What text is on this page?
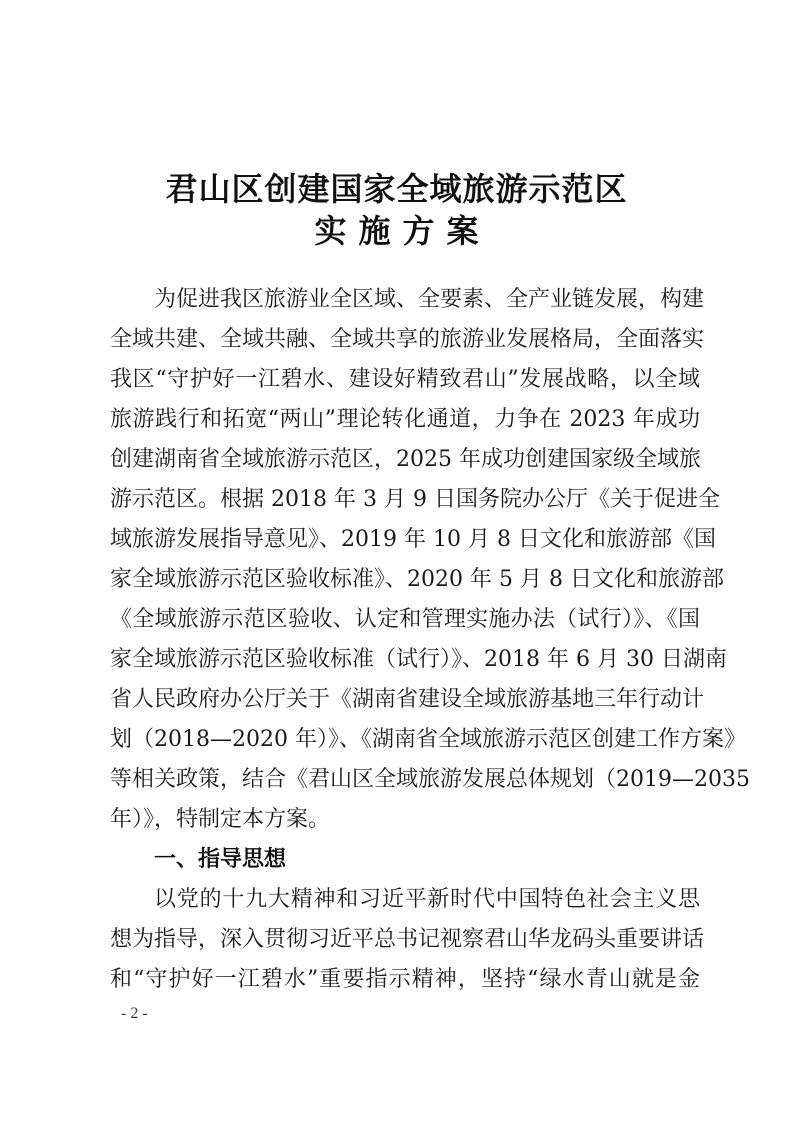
君山区创建国家全域旅游示范区
实施方案
为促进我区旅游业全区域、全要素、全产业链发展，构建
全域共建、全域共融、全域共享的旅游业发展格局，全面落实
我区“守护好一江碧水、建设好精致君山”发展战略，以全域
旅游践行和拓宽“两山”理论转化通道，力争在 2023 年成功
创建湖南省全域旅游示范区，2025 年成功创建国家级全域旅
游示范区。根据 2018 年 3 月 9 日国务院办公厅《关于促进全
域旅游发展指导意见》、2019 年 10 月 8 日文化和旅游部《国
家全域旅游示范区验收标准》、2020 年 5 月 8 日文化和旅游部
《全域旅游示范区验收、认定和管理实施办法（试行）》、《国
家全域旅游示范区验收标准（试行）》、2018 年 6 月 30 日湖南
省人民政府办公厅关于《湖南省建设全域旅游基地三年行动计
划（2018—2020 年）》、《湖南省全域旅游示范区创建工作方案》
等相关政策，结合《君山区全域旅游发展总体规划（2019—2035
年）》，特制定本方案。
一、指导思想
以党的十九大精神和习近平新时代中国特色社会主义思
想为指导，深入贯彻习近平总书记视察君山华龙码头重要讲话
和“守护好一江碧水”重要指示精神，坚持“绿水青山就是金
- 2 -
